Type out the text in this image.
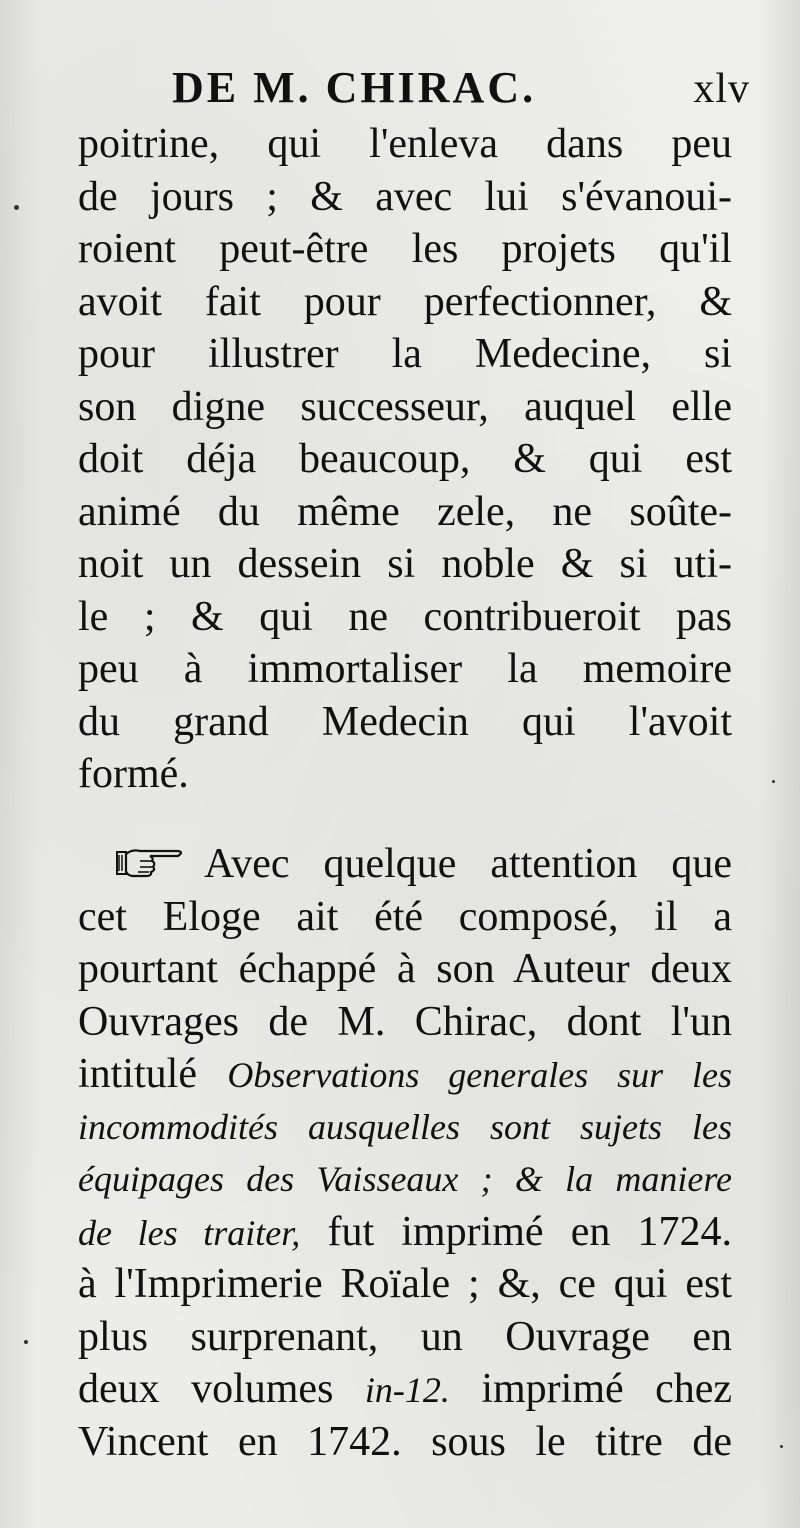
DE M. CHIRAC.	xlv
poitrine, qui l'enleva dans peu
de jours ; & avec lui s'évanoui-
roient peut-être les projets qu'il
avoit fait pour perfectionner, &
pour illustrer la Medecine, si
son digne successeur, auquel elle
doit déja beaucoup, & qui est
animé du même zele, ne soûte-
noit un dessein si noble & si uti-
le ; & qui ne contribueroit pas
peu à immortaliser la memoire
du grand Medecin qui l'avoit
formé.
Avec quelque attention que
cet Eloge ait été composé, il a
pourtant échappé à son Auteur deux
Ouvrages de M. Chirac, dont l'un
intitulé Observations generales sur les
incommodités ausquelles sont sujets les
équipages des Vaisseaux ; & la maniere
de les traiter, fut imprimé en 1724.
à l'Imprimerie Roïale ; &, ce qui est
plus surprenant, un Ouvrage en
deux volumes in-12. imprimé chez
Vincent en 1742. sous le titre de
